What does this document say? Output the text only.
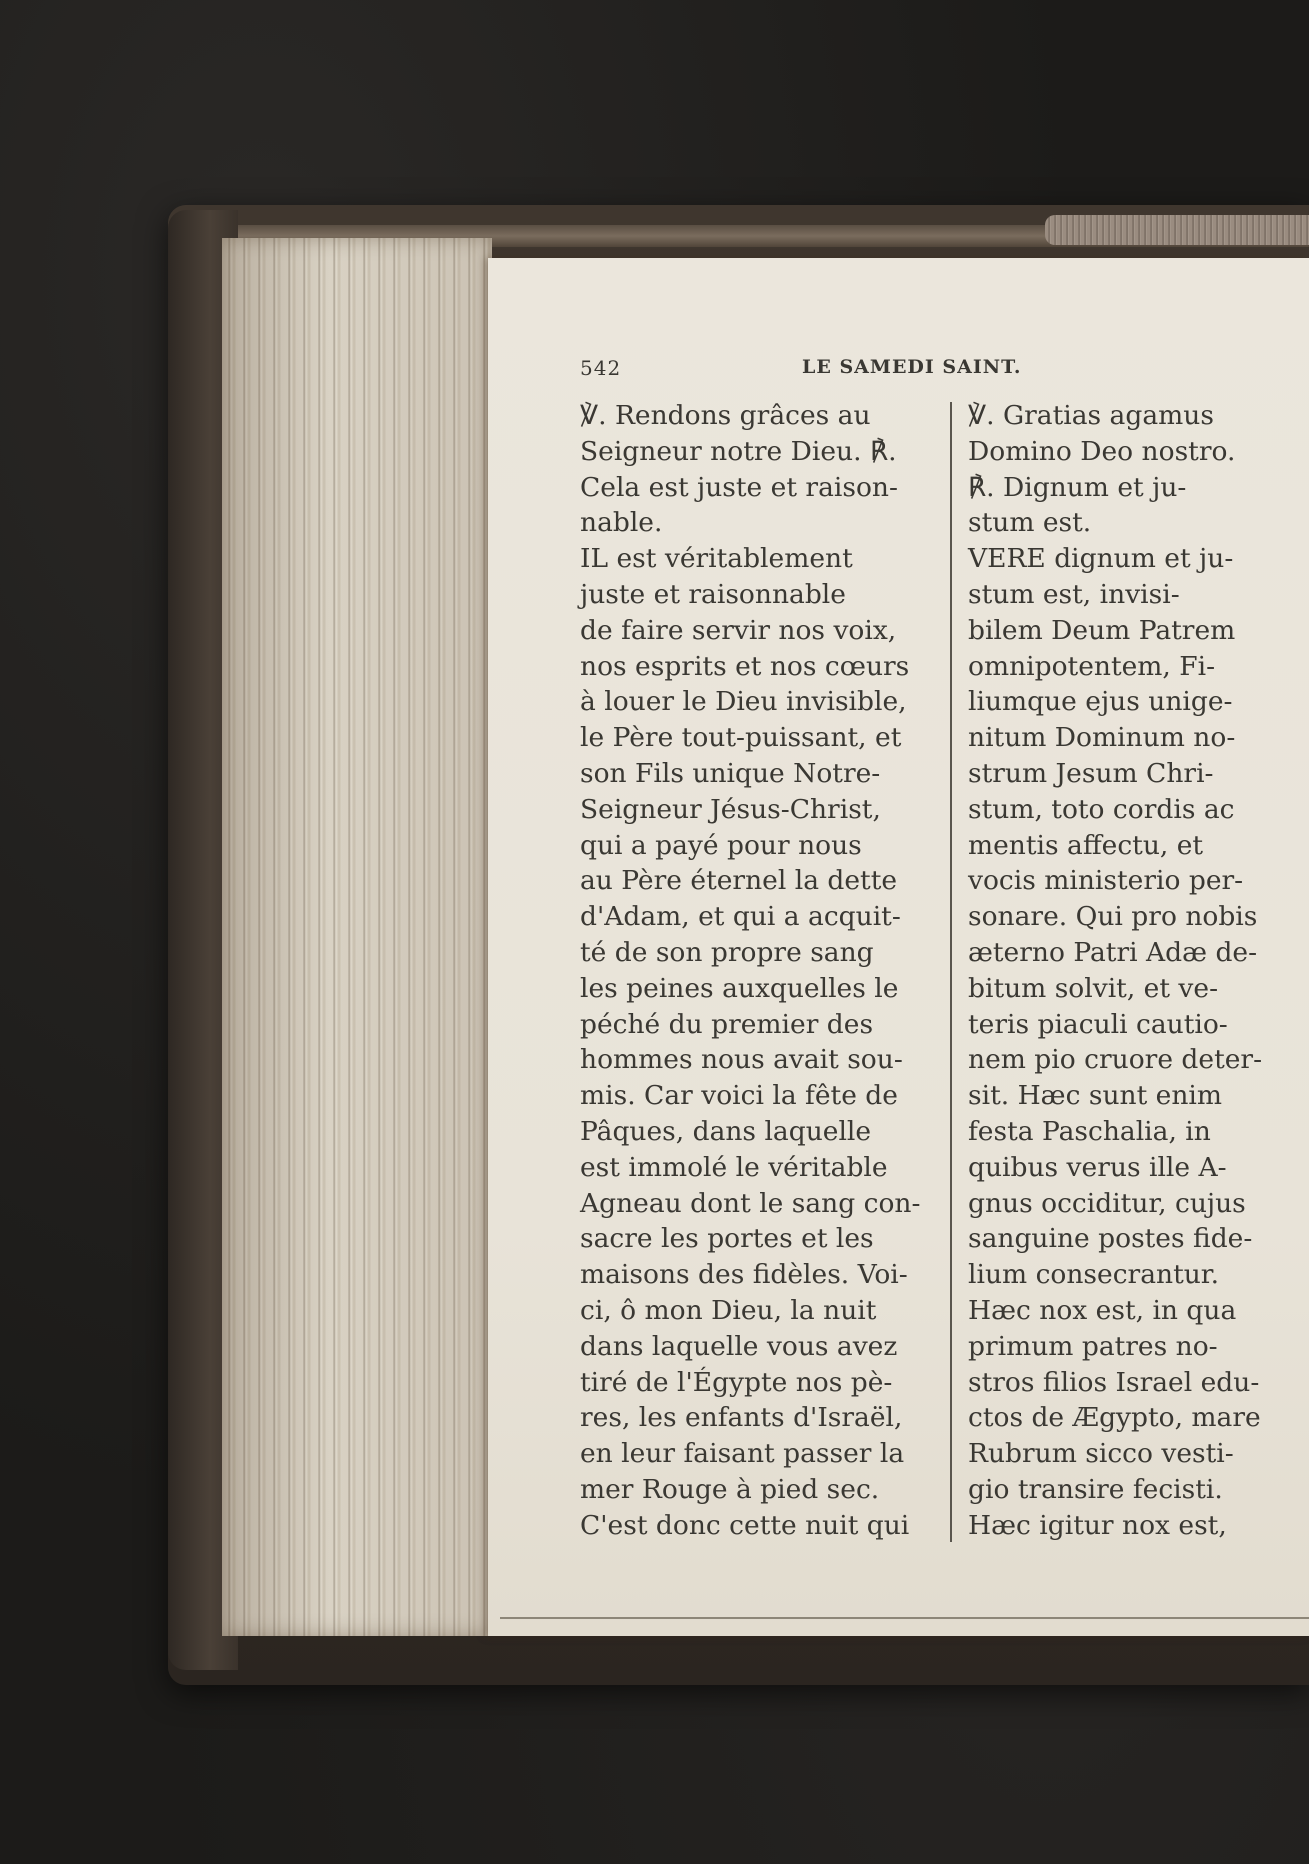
542	LE SAMEDI SAINT.
℣. Rendons grâces au
Seigneur notre Dieu. ℟.
Cela est juste et raison-
nable.
IL est véritablement
juste et raisonnable
de faire servir nos voix,
nos esprits et nos cœurs
à louer le Dieu invisible,
le Père tout-puissant, et
son Fils unique Notre-
Seigneur Jésus-Christ,
qui a payé pour nous
au Père éternel la dette
d'Adam, et qui a acquit-
té de son propre sang
les peines auxquelles le
péché du premier des
hommes nous avait sou-
mis. Car voici la fête de
Pâques, dans laquelle
est immolé le véritable
Agneau dont le sang con-
sacre les portes et les
maisons des fidèles. Voi-
ci, ô mon Dieu, la nuit
dans laquelle vous avez
tiré de l'Égypte nos pè-
res, les enfants d'Israël,
en leur faisant passer la
mer Rouge à pied sec.
C'est donc cette nuit qui
℣. Gratias agamus
Domino Deo nostro.
℟. Dignum et ju-
stum est.
VERE dignum et ju-
stum est, invisi-
bilem Deum Patrem
omnipotentem, Fi-
liumque ejus unige-
nitum Dominum no-
strum Jesum Chri-
stum, toto cordis ac
mentis affectu, et
vocis ministerio per-
sonare. Qui pro nobis
æterno Patri Adæ de-
bitum solvit, et ve-
teris piaculi cautio-
nem pio cruore deter-
sit. Hæc sunt enim
festa Paschalia, in
quibus verus ille A-
gnus occiditur, cujus
sanguine postes fide-
lium consecrantur.
Hæc nox est, in qua
primum patres no-
stros filios Israel edu-
ctos de Ægypto, mare
Rubrum sicco vesti-
gio transire fecisti.
Hæc igitur nox est,
